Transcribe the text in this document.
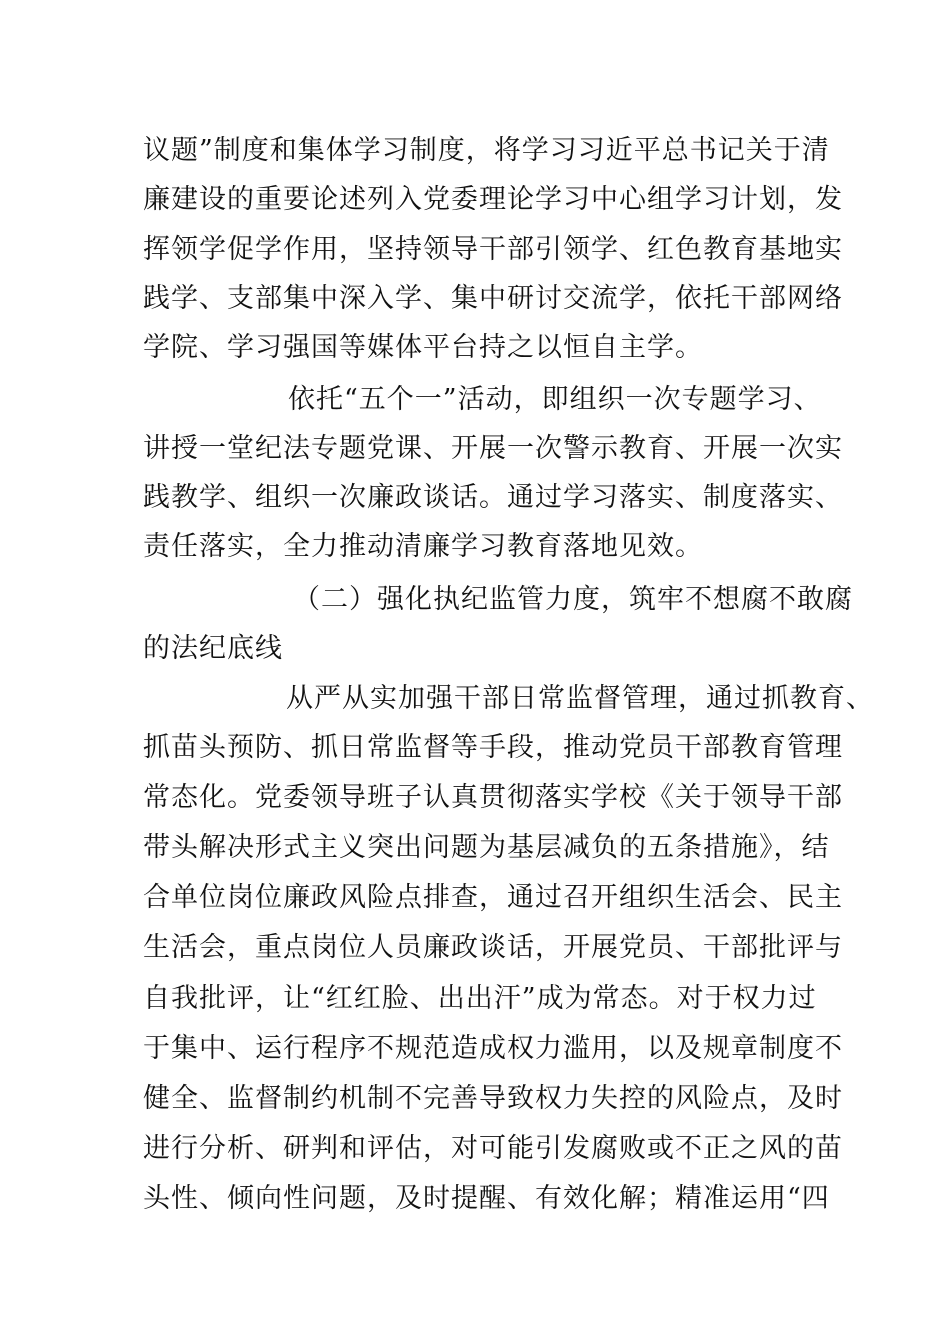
议题”制度和集体学习制度，将学习习近平总书记关于清
廉建设的重要论述列入党委理论学习中心组学习计划，发
挥领学促学作用，坚持领导干部引领学、红色教育基地实
践学、支部集中深入学、集中研讨交流学，依托干部网络
学院、学习强国等媒体平台持之以恒自主学。
依托“五个一”活动，即组织一次专题学习、
讲授一堂纪法专题党课、开展一次警示教育、开展一次实
践教学、组织一次廉政谈话。通过学习落实、制度落实、
责任落实，全力推动清廉学习教育落地见效。
（二）强化执纪监管力度，筑牢不想腐不敢腐
的法纪底线
从严从实加强干部日常监督管理，通过抓教育、
抓苗头预防、抓日常监督等手段，推动党员干部教育管理
常态化。党委领导班子认真贯彻落实学校《关于领导干部
带头解决形式主义突出问题为基层减负的五条措施》，结
合单位岗位廉政风险点排查，通过召开组织生活会、民主
生活会，重点岗位人员廉政谈话，开展党员、干部批评与
自我批评，让“红红脸、出出汗”成为常态。对于权力过
于集中、运行程序不规范造成权力滥用，以及规章制度不
健全、监督制约机制不完善导致权力失控的风险点，及时
进行分析、研判和评估，对可能引发腐败或不正之风的苗
头性、倾向性问题，及时提醒、有效化解；精准运用“四
